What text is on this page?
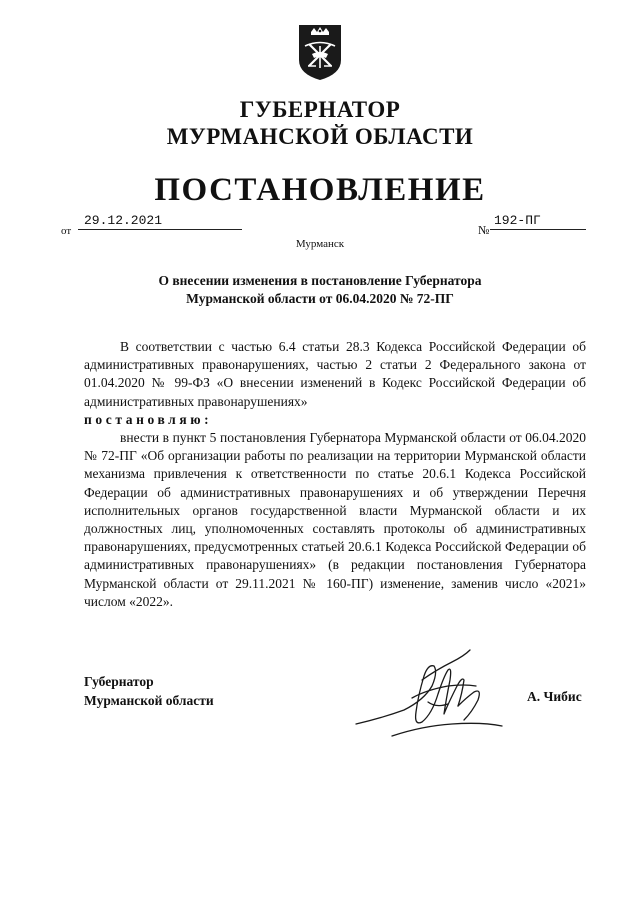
ГУБЕРНАТОР
МУРМАНСКОЙ ОБЛАСТИ
ПОСТАНОВЛЕНИЕ
от
29.12.2021
№
192-ПГ
Мурманск
О внесении изменения в постановление Губернатора
Мурманской области от 06.04.2020 № 72-ПГ

В соответствии с частью 6.4 статьи 28.3 Кодекса Российской Федерации об административных правонарушениях, частью 2 статьи 2 Федерального закона от 01.04.2020 № 99-ФЗ «О внесении изменений в Кодекс Российской Федерации об административных правонарушениях»

постановляю:

внести в пункт 5 постановления Губернатора Мурманской области от 06.04.2020 № 72-ПГ «Об организации работы по реализации на территории Мурманской области механизма привлечения к ответственности по статье 20.6.1 Кодекса Российской Федерации об административных правонарушениях и об утверждении Перечня исполнительных органов государственной власти Мурманской области и их должностных лиц, уполномоченных составлять протоколы об административных правонарушениях, предусмотренных статьей 20.6.1 Кодекса Российской Федерации об административных правонарушениях» (в редакции постановления Губернатора Мурманской области от 29.11.2021 № 160-ПГ) изменение, заменив число «2021» числом «2022».

Губернатор
Мурманской области	А. Чибис
